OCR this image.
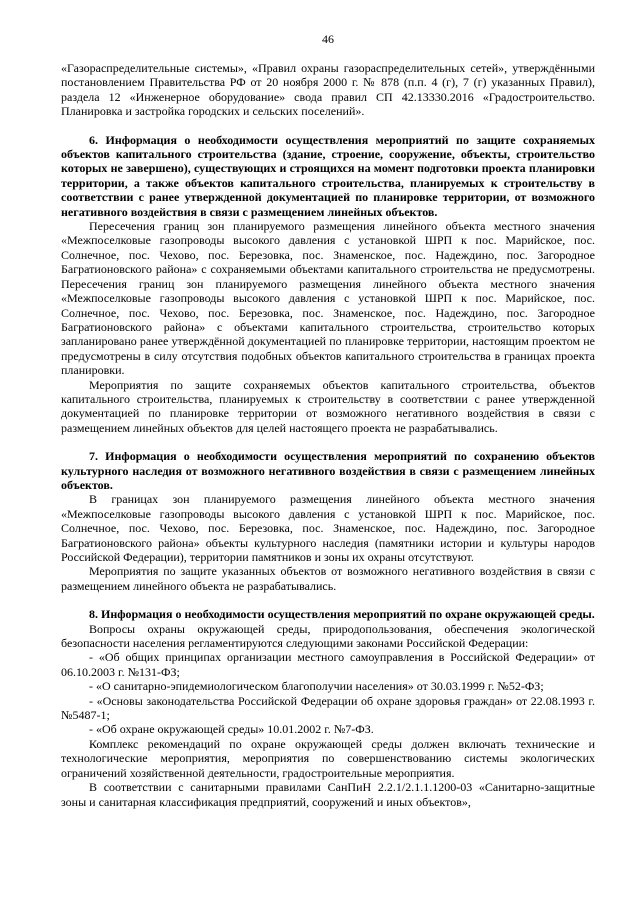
46

«Газораспределительные системы», «Правил охраны газораспределительных сетей», утверждёнными постановлением Правительства РФ от 20 ноября 2000 г. № 878 (п.п. 4 (г), 7 (г) указанных Правил), раздела 12 «Инженерное оборудование» свода правил СП 42.13330.2016 «Градостроительство. Планировка и застройка городских и сельских поселений».

6. Информация о необходимости осуществления мероприятий по защите сохраняемых объектов капитального строительства (здание, строение, сооружение, объекты, строительство которых не завершено), существующих и строящихся на момент подготовки проекта планировки территории, а также объектов капитального строительства, планируемых к строительству в соответствии с ранее утвержденной документацией по планировке территории, от возможного негативного воздействия в связи с размещением линейных объектов.

Пересечения границ зон планируемого размещения линейного объекта местного значения «Межпоселковые газопроводы высокого давления с установкой ШРП к пос. Марийское, пос. Солнечное, пос. Чехово, пос. Березовка, пос. Знаменское, пос. Надеждино, пос. Загородное Багратионовского района» с сохраняемыми объектами капитального строительства не предусмотрены. Пересечения границ зон планируемого размещения линейного объекта местного значения «Межпоселковые газопроводы высокого давления с установкой ШРП к пос. Марийское, пос. Солнечное, пос. Чехово, пос. Березовка, пос. Знаменское, пос. Надеждино, пос. Загородное Багратионовского района» с объектами капитального строительства, строительство которых запланировано ранее утверждённой документацией по планировке территории, настоящим проектом не предусмотрены в силу отсутствия подобных объектов капитального строительства в границах проекта планировки.

Мероприятия по защите сохраняемых объектов капитального строительства, объектов капитального строительства, планируемых к строительству в соответствии с ранее утвержденной документацией по планировке территории от возможного негативного воздействия в связи с размещением линейных объектов для целей настоящего проекта не разрабатывались.

7. Информация о необходимости осуществления мероприятий по сохранению объектов культурного наследия от возможного негативного воздействия в связи с размещением линейных объектов.

В границах зон планируемого размещения линейного объекта местного значения «Межпоселковые газопроводы высокого давления с установкой ШРП к пос. Марийское, пос. Солнечное, пос. Чехово, пос. Березовка, пос. Знаменское, пос. Надеждино, пос. Загородное Багратионовского района» объекты культурного наследия (памятники истории и культуры народов Российской Федерации), территории памятников и зоны их охраны отсутствуют.

Мероприятия по защите указанных объектов от возможного негативного воздействия в связи с размещением линейного объекта не разрабатывались.

8. Информация о необходимости осуществления мероприятий по охране окружающей среды.

Вопросы охраны окружающей среды, природопользования, обеспечения экологической безопасности населения регламентируются следующими законами Российской Федерации:

- «Об общих принципах организации местного самоуправления в Российской Федерации» от 06.10.2003 г. №131-ФЗ;

- «О санитарно-эпидемиологическом благополучии населения» от 30.03.1999 г. №52-ФЗ;

- «Основы законодательства Российской Федерации об охране здоровья граждан» от 22.08.1993 г. №5487-1;

- «Об охране окружающей среды» 10.01.2002 г. №7-ФЗ.

Комплекс рекомендаций по охране окружающей среды должен включать технические и технологические мероприятия, мероприятия по совершенствованию системы экологических ограничений хозяйственной деятельности, градостроительные мероприятия.

В соответствии с санитарными правилами СанПиН 2.2.1/2.1.1.1200-03 «Санитарно-защитные зоны и санитарная классификация предприятий, сооружений и иных объектов»,
